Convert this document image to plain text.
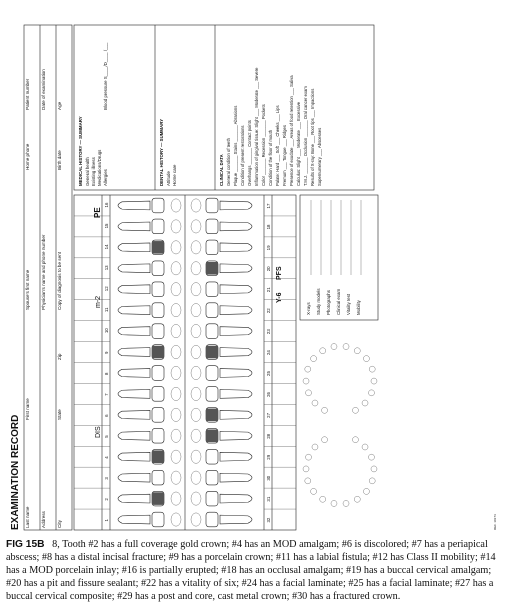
EXAMINATION RECORD Last name
First name
Spouse's first name
Home phone
Patient number
Address
Physician's name and phone number
Date of examination
City
State
Zip
Copy of diagnosis to be sent
Birth date
Age
1
2
3
4
5
6
7
8
9
10
11
12
13
14
15
16
32
31
30
29
28
27
26
25
24
23
22
21
20
19
18
17
DIS
m-2
PE
Y-6
PFS
X-rays Study models Photographs Clinical exam Vitality test Mobility
MEDICAL HISTORY — SUMMARY General health Existing illness Medications/Drugs Allergies
Blood pressure S____/D____ /___
DENTAL HISTORY — SUMMARY Attitude Home care	CLINICAL DATA General condition of teeth Plaque _______ Stains _______ Abrasions Condition of present restorations Overhangs _______ Contact points Inflammation of gingival tissue: Slight ___ Moderate ___ Severe Color _______ Recession _______ Pockets Condition of the floor of mouth Palate: Hard ___ Soft ___ Cheeks ___ Lips Fremum ___ Tongue ___ Ridges Presence of exudate ___ Areas of food retention ___ Saliva Calculus: Slight ___ Moderate ___ Excessive T.M.J. _______ Occlusion _______ Oral cancer exam Results of X-ray: Bone ___ Root tips ___ Impactions Supernumerary ___ Abscesses
REF. 10174
FIG 15B 8, Tooth #2 has a full coverage gold crown; #4 has an MOD amalgam; #6 is discolored; #7 has a periapical abscess; #8 has a distal incisal fracture; #9 has a porcelain crown; #11 has a labial fistula; #12 has Class II mobility; #14 has a MOD porcelain inlay; #16 is partially erupted; #18 has an occlusal amalgam; #19 has a buccal cervical amalgam; #20 has a pit and fissure sealant; #22 has a vitality of six; #24 has a facial laminate; #25 has a facial laminate; #27 has a buccal cervical composite; #29 has a post and core, cast metal crown; #30 has a fractured crown.
